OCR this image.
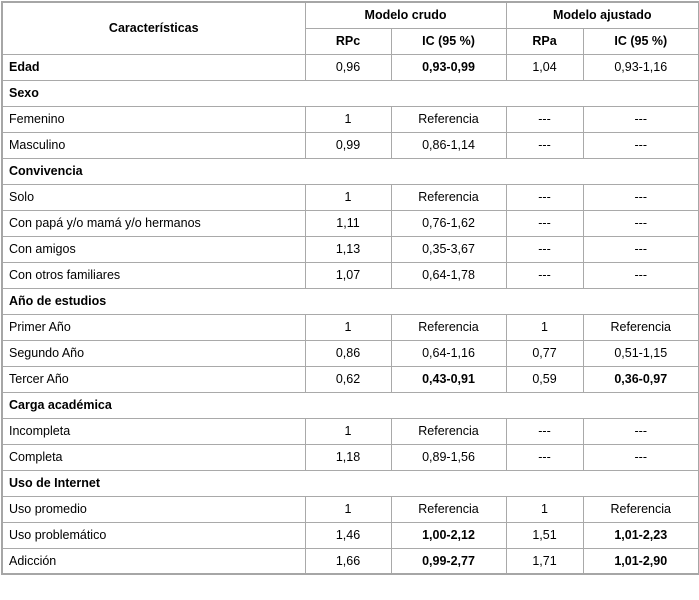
Características	Modelo crudo		Modelo ajustado	
	RPc	IC (95 %)	RPa	IC (95 %)
Edad	0,96	0,93-0,99	1,04	0,93-1,16
Sexo				
Femenino	1	Referencia	---	---
Masculino	0,99	0,86-1,14	---	---
Convivencia				
Solo	1	Referencia	---	---
Con papá y/o mamá y/o hermanos	1,11	0,76-1,62	---	---
Con amigos	1,13	0,35-3,67	---	---
Con otros familiares	1,07	0,64-1,78	---	---
Año de estudios				
Primer Año	1	Referencia	1	Referencia
Segundo Año	0,86	0,64-1,16	0,77	0,51-1,15
Tercer Año	0,62	0,43-0,91	0,59	0,36-0,97
Carga académica				
Incompleta	1	Referencia	---	---
Completa	1,18	0,89-1,56	---	---
Uso de Internet				
Uso promedio	1	Referencia	1	Referencia
Uso problemático	1,46	1,00-2,12	1,51	1,01-2,23
Adicción	1,66	0,99-2,77	1,71	1,01-2,90
